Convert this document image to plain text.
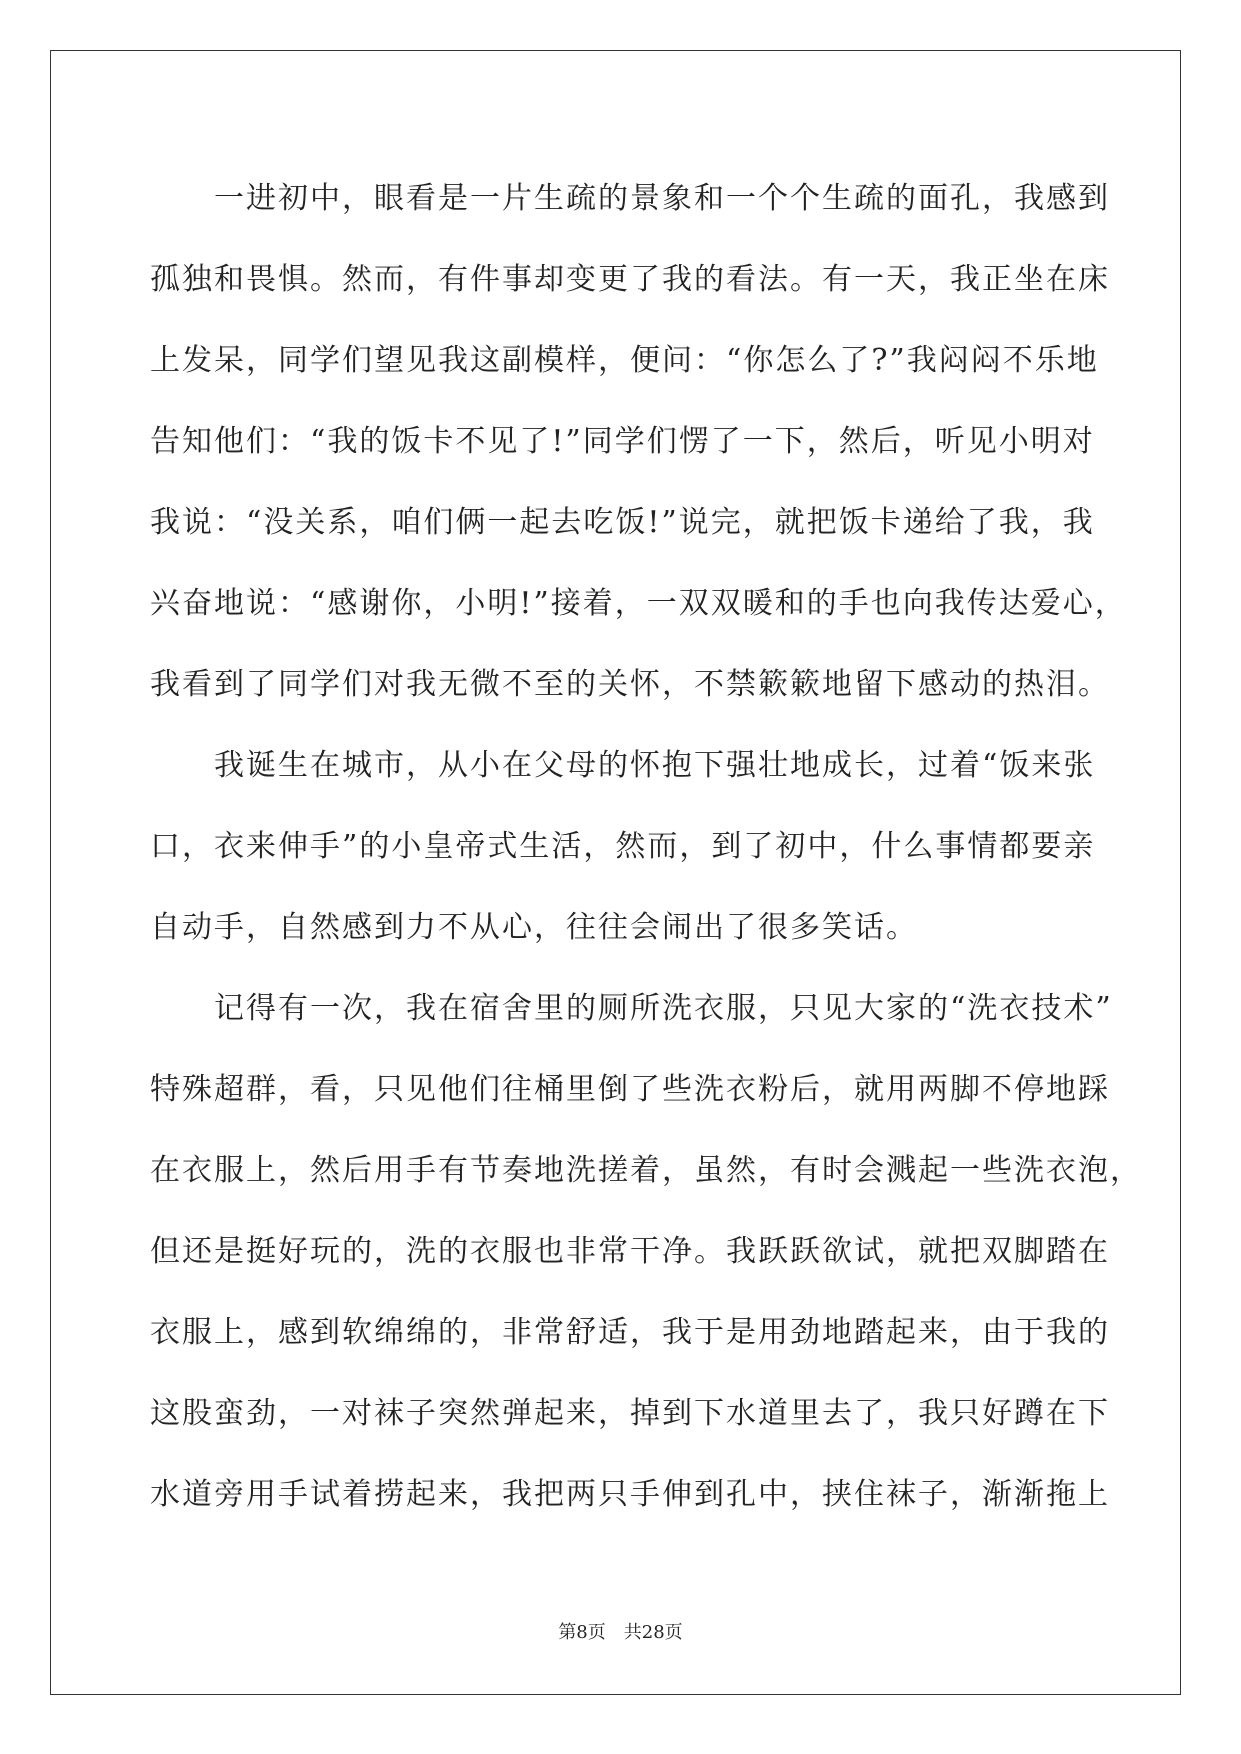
一进初中，眼看是一片生疏的景象和一个个生疏的面孔，我感到
孤独和畏惧。然而，有件事却变更了我的看法。有一天，我正坐在床
上发呆，同学们望见我这副模样，便问：“你怎么了?”我闷闷不乐地
告知他们：“我的饭卡不见了!”同学们愣了一下，然后，听见小明对
我说：“没关系，咱们俩一起去吃饭!”说完，就把饭卡递给了我，我
兴奋地说：“感谢你，小明!”接着，一双双暖和的手也向我传达爱心，
我看到了同学们对我无微不至的关怀，不禁簌簌地留下感动的热泪。
我诞生在城市，从小在父母的怀抱下强壮地成长，过着“饭来张
口，衣来伸手”的小皇帝式生活，然而，到了初中，什么事情都要亲
自动手，自然感到力不从心，往往会闹出了很多笑话。
记得有一次，我在宿舍里的厕所洗衣服，只见大家的“洗衣技术”
特殊超群，看，只见他们往桶里倒了些洗衣粉后，就用两脚不停地踩
在衣服上，然后用手有节奏地洗搓着，虽然，有时会溅起一些洗衣泡，
但还是挺好玩的，洗的衣服也非常干净。我跃跃欲试，就把双脚踏在
衣服上，感到软绵绵的，非常舒适，我于是用劲地踏起来，由于我的
这股蛮劲，一对袜子突然弹起来，掉到下水道里去了，我只好蹲在下
水道旁用手试着捞起来，我把两只手伸到孔中，挟住袜子，渐渐拖上
第8页 共28页
